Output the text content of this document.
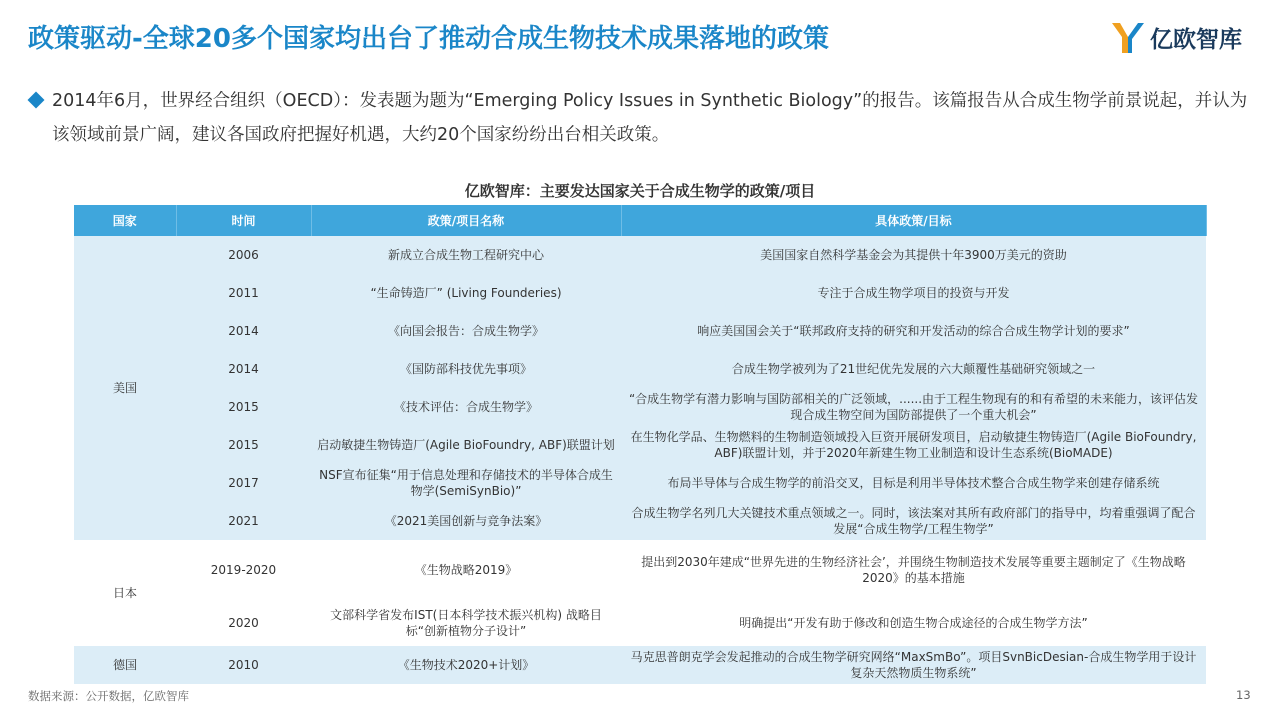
政策驱动-全球20多个国家均出台了推动合成生物技术成果落地的政策	亿欧智库
2014年6月，世界经合组织（OECD）：发表题为题为“Emerging Policy Issues in Synthetic Biology”的报告。该篇报告从合成生物学前景说起，并认为该领域前景广阔，建议各国政府把握好机遇，大约20个国家纷纷出台相关政策。
亿欧智库：主要发达国家关于合成生物学的政策/项目
国家	时间	政策/项目名称	具体政策/目标
美国	2006	新成立合成生物工程研究中心	美国国家自然科学基金会为其提供十年3900万美元的资助
	2011	“生命铸造厂” (Living Founderies)	专注于合成生物学项目的投资与开发
	2014	《向国会报告：合成生物学》	响应美国国会关于“联邦政府支持的研究和开发活动的综合合成生物学计划的要求”
	2014	《国防部科技优先事项》	合成生物学被列为了21世纪优先发展的六大颠覆性基础研究领域之一
	2015	《技术评估：合成生物学》	“合成生物学有潜力影响与国防部相关的广泛领域，......由于工程生物现有的和有希望的未来能力，该评估发现合成生物空间为国防部提供了一个重大机会”
	2015	启动敏捷生物铸造厂(Agile BioFoundry, ABF)联盟计划	在生物化学品、生物燃料的生物制造领域投入巨资开展研发项目，启动敏捷生物铸造厂(Agile BioFoundry, ABF)联盟计划，并于2020年新建生物工业制造和设计生态系统(BioMADE)
	2017	NSF宣布征集“用于信息处理和存储技术的半导体合成生物学(SemiSynBio)”	布局半导体与合成生物学的前沿交叉，目标是利用半导体技术整合合成生物学来创建存储系统
	2021	《2021美国创新与竞争法案》	合成生物学名列几大关键技术重点领域之一。同时，该法案对其所有政府部门的指导中，均着重强调了配合发展“合成生物学/工程生物学”
日本	2019-2020	《生物战略2019》	提出到2030年建成“世界先进的生物经济社会’，并围绕生物制造技术发展等重要主题制定了《生物战略2020》的基本措施
	2020	文部科学省发布IST(日本科学技术振兴机构) 战略目标“创新植物分子设计”	明确提出“开发有助于修改和创造生物合成途径的合成生物学方法”
德国	2010	《生物技术2020+计划》	马克思普朗克学会发起推动的合成生物学研究网络“MaxSmBo”。项目SvnBicDesian-合成生物学用于设计复杂天然物质生物系统”
数据来源：公开数据，亿欧智库	13
